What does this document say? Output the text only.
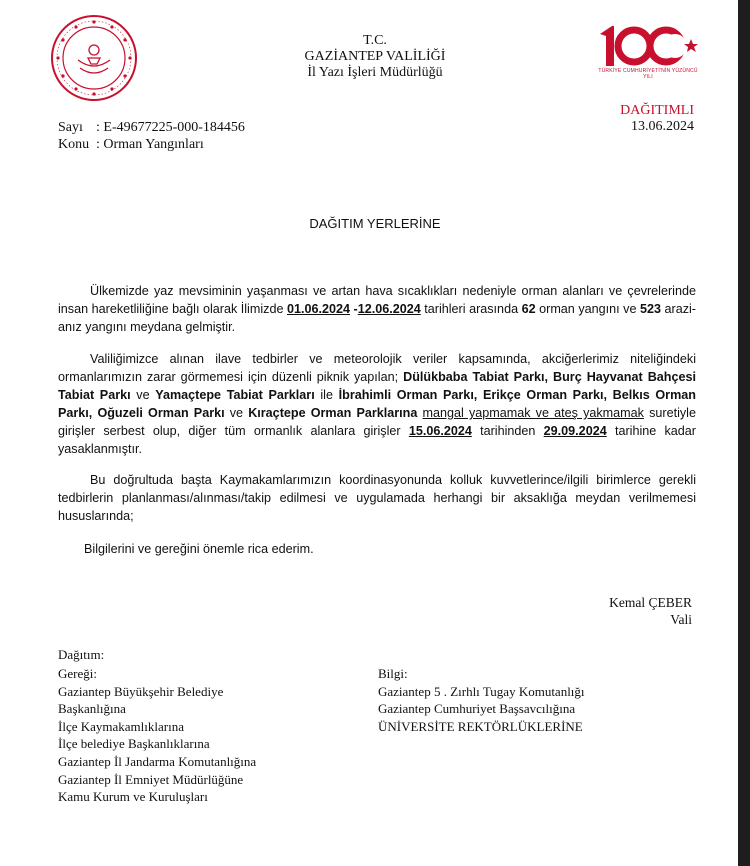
T.C.
GAZİANTEP VALİLİĞİ
İl Yazı İşleri Müdürlüğü	TÜRKİYE CUMHURİYETİ'NİN YÜZÜNCÜ YILI
DAĞITIMLI
13.06.2024
Sayı : E-49677225-000-184456
Konu : Orman Yangınları
DAĞITIM YERLERİNE
Ülkemizde yaz mevsiminin yaşanması ve artan hava sıcaklıkları nedeniyle orman alanları ve çevrelerinde insan hareketliliğine bağlı olarak İlimizde 01.06.2024 -12.06.2024 tarihleri arasında 62 orman yangını ve 523 arazi-anız yangını meydana gelmiştir.
Valiliğimizce alınan ilave tedbirler ve meteorolojik veriler kapsamında, akciğerlerimiz niteliğindeki ormanlarımızın zarar görmemesi için düzenli piknik yapılan; Dülükbaba Tabiat Parkı, Burç Hayvanat Bahçesi Tabiat Parkı ve Yamaçtepe Tabiat Parkları ile İbrahimli Orman Parkı, Erikçe Orman Parkı, Belkıs Orman Parkı, Oğuzeli Orman Parkı ve Kıraçtepe Orman Parklarına mangal yapmamak ve ateş yakmamak suretiyle girişler serbest olup, diğer tüm ormanlık alanlara girişler 15.06.2024 tarihinden 29.09.2024 tarihine kadar yasaklanmıştır.
Bu doğrultuda başta Kaymakamlarımızın koordinasyonunda kolluk kuvvetlerince/ilgili birimlerce gerekli tedbirlerin planlanması/alınması/takip edilmesi ve uygulamada herhangi bir aksaklığa meydan verilmemesi hususlarında;
Bilgilerini ve gereğini önemle rica ederim.
Kemal ÇEBER
Vali
Dağıtım:
Gereği:
Gaziantep Büyükşehir Belediye
Başkanlığına
İlçe Kaymakamlıklarına
İlçe belediye Başkanlıklarına
Gaziantep İl Jandarma Komutanlığına
Gaziantep İl Emniyet Müdürlüğüne
Kamu Kurum ve Kuruluşları
Bilgi:
Gaziantep 5 . Zırhlı Tugay Komutanlığı
Gaziantep Cumhuriyet Başsavcılığına
ÜNİVERSİTE REKTÖRLÜKLERİNE
